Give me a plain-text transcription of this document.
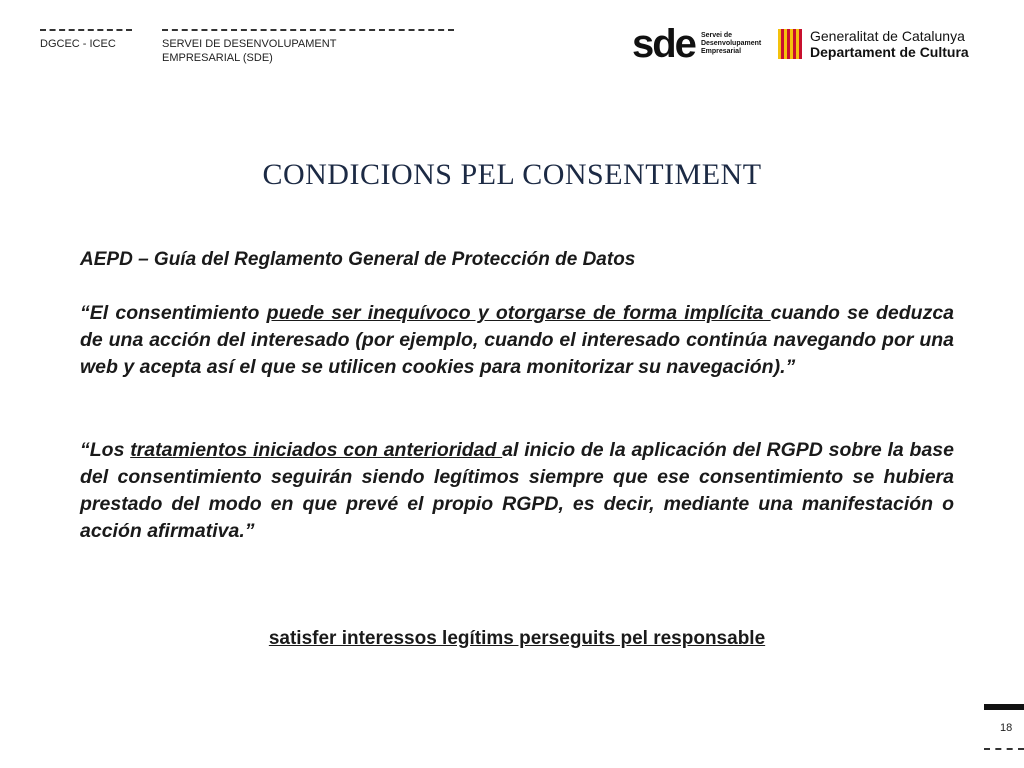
DGCEC - ICEC	SERVEI DE DESENVOLUPAMENT
EMPRESARIAL (SDE)	sde Servei de
Desenvolupament
Empresarial
Generalitat de Catalunya
Departament de Cultura
CONDICIONS PEL CONSENTIMENT
AEPD – Guía del Reglamento General de Protección de Datos
“El consentimiento puede ser inequívoco y otorgarse de forma implícita cuando se deduzca de una acción del interesado (por ejemplo, cuando el interesado continúa navegando por una web y acepta así el que se utilicen cookies para monitorizar su navegación).”
“Los tratamientos iniciados con anterioridad al inicio de la aplicación del RGPD sobre la base del consentimiento seguirán siendo legítimos siempre que ese consentimiento se hubiera prestado del modo en que prevé el propio RGPD, es decir, mediante una manifestación o acción afirmativa.”
satisfer interessos legítims perseguits pel responsable
18
